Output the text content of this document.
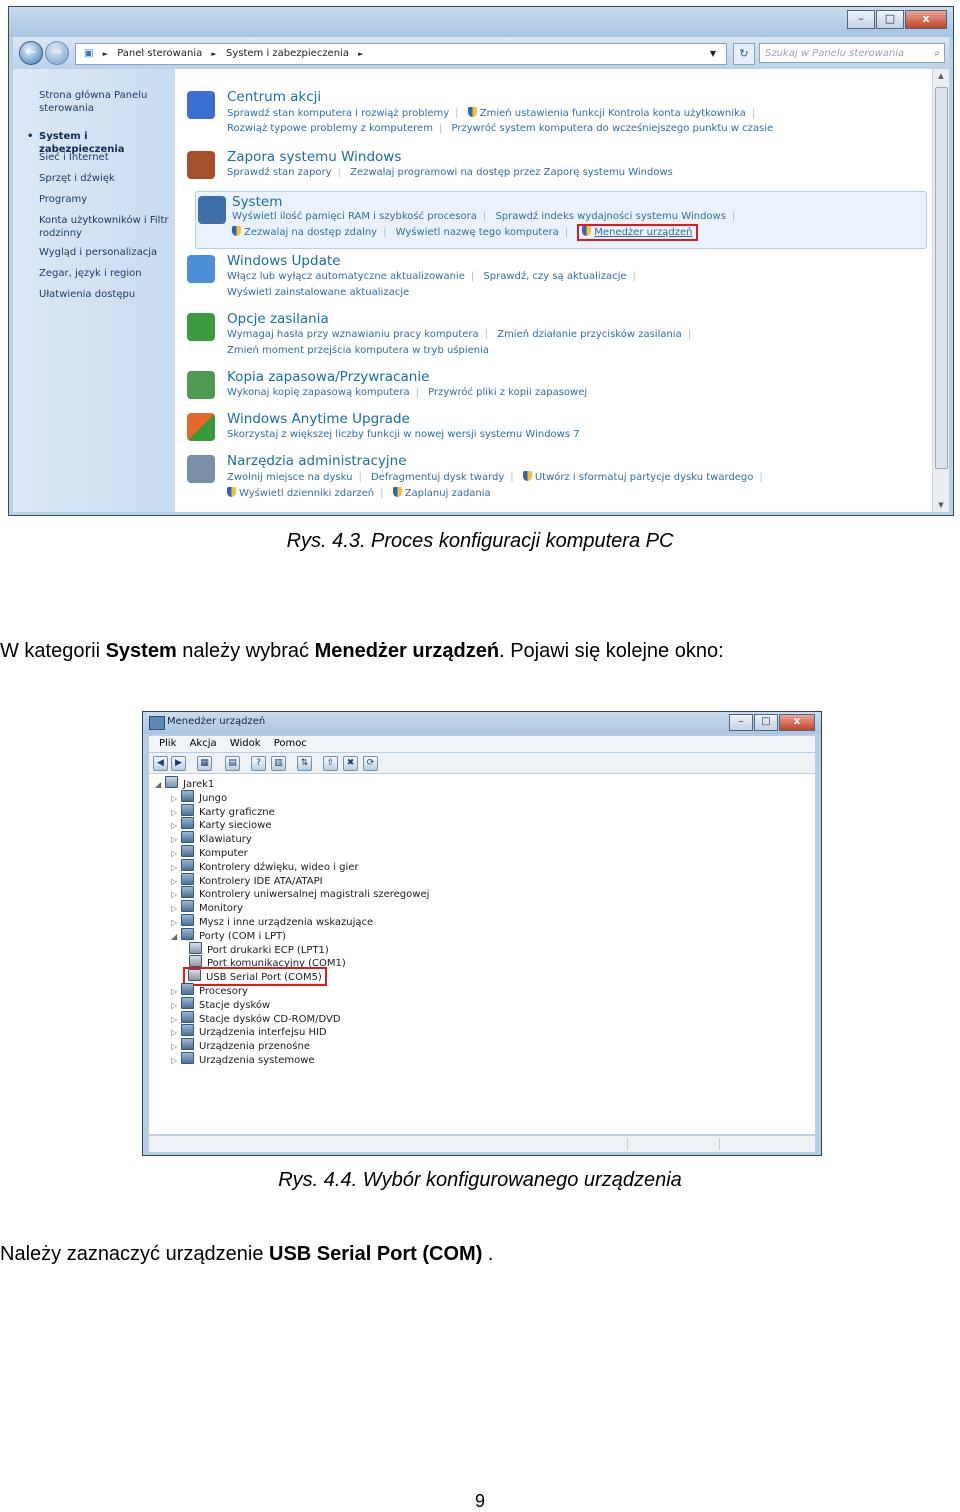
–	□	x
←	→	▣ ► Panel sterowania ► System i zabezpieczenia ►	▼	↻	Szukaj w Panelu sterowania	⌕
Strona główna Panelu sterowania
• System i zabezpieczenia
Sieć i Internet
Sprzęt i dźwięk
Programy
Konta użytkowników i Filtr rodzinny
Wygląd i personalizacja
Zegar, język i region
Ułatwienia dostępu
Centrum akcji
Sprawdź stan komputera i rozwiąż problemy | Zmień ustawienia funkcji Kontrola konta użytkownika |
Rozwiąż typowe problemy z komputerem | Przywróć system komputera do wcześniejszego punktu w czasie
Zapora systemu Windows
Sprawdź stan zapory | Zezwalaj programowi na dostęp przez Zaporę systemu Windows
System
Wyświetl ilość pamięci RAM i szybkość procesora | Sprawdź indeks wydajności systemu Windows |
Zezwalaj na dostęp zdalny | Wyświetl nazwę tego komputera |	Menedżer urządzeń
Windows Update
Włącz lub wyłącz automatyczne aktualizowanie | Sprawdź, czy są aktualizacje |
Wyświetl zainstalowane aktualizacje
Opcje zasilania
Wymagaj hasła przy wznawianiu pracy komputera | Zmień działanie przycisków zasilania |
Zmień moment przejścia komputera w tryb uśpienia
Kopia zapasowa/Przywracanie
Wykonaj kopię zapasową komputera | Przywróć pliki z kopii zapasowej
Windows Anytime Upgrade
Skorzystaj z większej liczby funkcji w nowej wersji systemu Windows 7
Narzędzia administracyjne
Zwolnij miejsce na dysku | Defragmentuj dysk twardy | Utwórz i sformatuj partycje dysku twardego |
Wyświetl dzienniki zdarzeń | Zaplanuj zadania
▲
▼
Rys. 4.3. Proces konfiguracji komputera PC
W kategorii System należy wybrać Menedżer urządzeń. Pojawi się kolejne okno:
Menedżer urządzeń	–	□	x
Plik Akcja Widok Pomoc
◀	▶	▦	▤	?	▥	⇅	⇧	✖	⟳
◢ Jarek1
▷ Jungo
▷ Karty graficzne
▷ Karty sieciowe
▷ Klawiatury
▷ Komputer
▷ Kontrolery dźwięku, wideo i gier
▷ Kontrolery IDE ATA/ATAPI
▷ Kontrolery uniwersalnej magistrali szeregowej
▷ Monitory
▷ Mysz i inne urządzenia wskazujące
◢ Porty (COM i LPT)
Port drukarki ECP (LPT1)
Port komunikacyjny (COM1)
USB Serial Port (COM5)
▷ Procesory
▷ Stacje dysków
▷ Stacje dysków CD-ROM/DVD
▷ Urządzenia interfejsu HID
▷ Urządzenia przenośne
▷ Urządzenia systemowe
Rys. 4.4. Wybór konfigurowanego urządzenia
Należy zaznaczyć urządzenie USB Serial Port (COM) .
9
